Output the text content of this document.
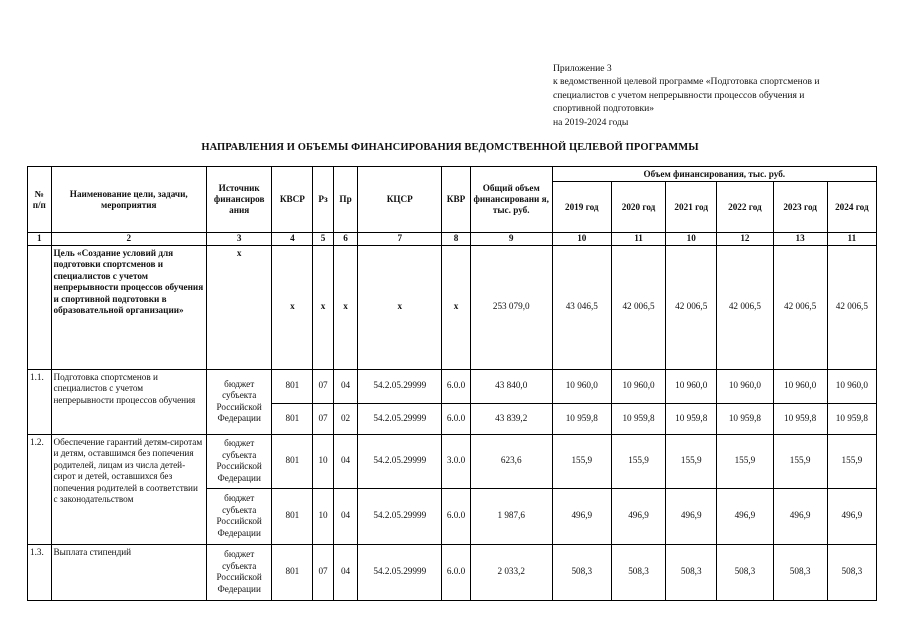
Приложение 3
к ведомственной целевой программе «Подготовка спортсменов и
специалистов с учетом непрерывности процессов обучения и
спортивной подготовки»
на 2019-2024 годы
НАПРАВЛЕНИЯ И ОБЪЕМЫ ФИНАНСИРОВАНИЯ ВЕДОМСТВЕННОЙ ЦЕЛЕВОЙ ПРОГРАММЫ
№ п/п	Наименование цели, задачи, мероприятия	Источник финансиров ания	КВСР	Рз	Пр	КЦСР	КВР	Общий объем финансировани я, тыс. руб.	Объем финансирования, тыс. руб.					
									2019 год	2020 год	2021 год	2022 год	2023 год	2024 год
1	2	3	4	5	6	7	8	9	10	11	10	12	13	11
	Цель «Создание условий для подготовки спортсменов и специалистов с учетом непрерывности процессов обучения и спортивной подготовки в образовательной организации»	x	x	x	x	x	x	253 079,0	43 046,5	42 006,5	42 006,5	42 006,5	42 006,5	42 006,5
1.1.	Подготовка спортсменов и специалистов с учетом непрерывности процессов обучения	бюджет субъекта Российской Федерации	801	07	04	54.2.05.29999	6.0.0	43 840,0	10 960,0	10 960,0	10 960,0	10 960,0	10 960,0	10 960,0
			801	07	02	54.2.05.29999	6.0.0	43 839,2	10 959,8	10 959,8	10 959,8	10 959,8	10 959,8	10 959,8
1.2.	Обеспечение гарантий детям-сиротам и детям, оставшимся без попечения родителей, лицам из числа детей-сирот и детей, оставшихся без попечения родителей в соответствии с законодательством	бюджет субъекта Российской Федерации	801	10	04	54.2.05.29999	3.0.0	623,6	155,9	155,9	155,9	155,9	155,9	155,9
		бюджет субъекта Российской Федерации	801	10	04	54.2.05.29999	6.0.0	1 987,6	496,9	496,9	496,9	496,9	496,9	496,9
1.3.	Выплата стипендий	бюджет субъекта Российской Федерации	801	07	04	54.2.05.29999	6.0.0	2 033,2	508,3	508,3	508,3	508,3	508,3	508,3
